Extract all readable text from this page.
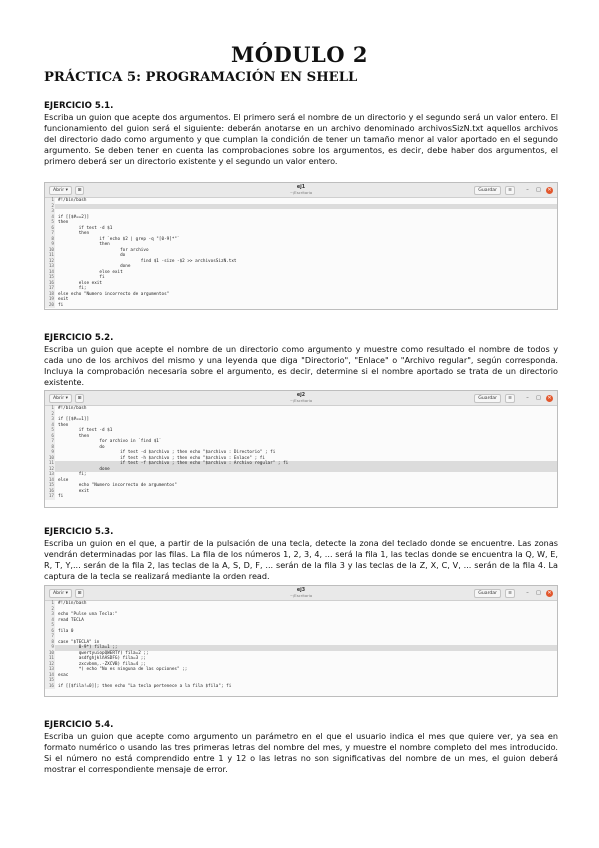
MÓDULO 2
PRÁCTICA 5: PROGRAMACIÓN EN SHELL
EJERCICIO 5.1.
Escriba un guion que acepte dos argumentos. El primero será el nombre de un directorio y el segundo será un valor entero. El funcionamiento del guion será el siguiente: deberán anotarse en un archivo denominado archivosSizN.txt aquellos archivos del directorio dado como argumento y que cumplan la condición de tener un tamaño menor al valor aportado en el segundo argumento. Se deben tener en cuenta las comprobaciones sobre los argumentos, es decir, debe haber dos argumentos, el primero deberá ser un directorio existente y el segundo un valor entero.
Abrir ▾	⊞
ej1
~/Escritorio	Guardar	≡	–	□ ✕
1 #!/bin/bash
2
3
4 if [[$#==2]]
5 then
6        if test -d $1
7        then
8                if `echo $2 | grep -q "[0-9]*"`
9                then
10                        for archivo
11                        do
12                                find $1 -size -$2 >> archivosSizN.txt
13                        done
14                else exit
15                fi
16        else exit
17        fi;
18 else echo "Numero incorrecto de argumentos"
19 exit
20 fi
EJERCICIO 5.2.
Escriba un guion que acepte el nombre de un directorio como argumento y muestre como resultado el nombre de todos y cada uno de los archivos del mismo y una leyenda que diga "Directorio", "Enlace" o "Archivo regular", según corresponda. Incluya la comprobación necesaria sobre el argumento, es decir, determine si el nombre aportado se trata de un directorio existente.
Abrir ▾	⊞
ej2
~/Escritorio	Guardar	≡	–	□ ✕
1 #!/bin/bash
2
3 if [[$#==1]]
4 then
5        if test -d $1
6        then
7                for archivo in `find $1`
8                do
9                        if test -d $archivo ; then echo "$archivo : Directorio" ; fi
10                        if test -h $archivo ; then echo "$archivo : Enlace" ; fi
11                        if test -f $archivo ; then echo "$archivo : Archivo regular" ; fi
12                done
13        fi;
14 else
15        echo "Numero incorrecto de argumentos"
16        exit
17 fi
EJERCICIO 5.3.
Escriba un guion en el que, a partir de la pulsación de una tecla, detecte la zona del teclado donde se encuentre. Las zonas vendrán determinadas por las filas. La fila de los números 1, 2, 3, 4, ... será la fila 1, las teclas donde se encuentra la Q, W, E, R, T, Y,... serán de la fila 2, las teclas de la A, S, D, F, ... serán de la fila 3 y las teclas de la Z, X, C, V, ... serán de la fila 4. La captura de la tecla se realizará mediante la orden read.
Abrir ▾	⊞
ej3
~/Escritorio	Guardar	≡	–	□ ✕
1 #!/bin/bash
2
3 echo "Pulse una Tecla:"
4 read TECLA
5
6 fila 0
7
8 case "$TECLA" in
9        0-9*) fila=1 ;;
10        qwertyuiopQWERTY) fila=2 ;;
11        asdfghjklñASDFG) fila=3 ;;
12        zxcvbnm,.-ZXCVB) fila=4 ;;
13        *) echo "No es ninguna de las opciones" ;;
14 esac
15
16 if [[$fila!=0]]; then echo "La tecla pertenece a la fila $fila"; fi
EJERCICIO 5.4.
Escriba un guion que acepte como argumento un parámetro en el que el usuario indica el mes que quiere ver, ya sea en formato numérico o usando las tres primeras letras del nombre del mes, y muestre el nombre completo del mes introducido. Si el número no está comprendido entre 1 y 12 o las letras no son significativas del nombre de un mes, el guion deberá mostrar el correspondiente mensaje de error.
